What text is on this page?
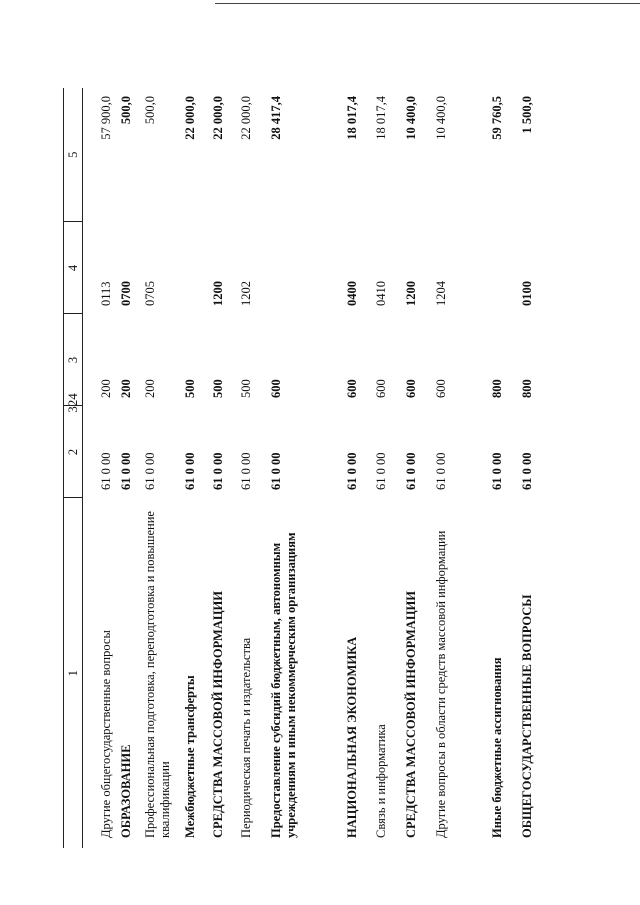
324
1	2	3	4	5
Другие общегосударственные вопросы	61 0 00	200	0113	57 900,0
ОБРАЗОВАНИЕ	61 0 00	200	0700	500,0
Профессиональная подготовка, переподготовка и повышение квалификации	61 0 00	200	0705	500,0
Межбюджетные трансферты	61 0 00	500		22 000,0
СРЕДСТВА МАССОВОЙ ИНФОРМАЦИИ	61 0 00	500	1200	22 000,0
Периодическая печать и издательства	61 0 00	500	1202	22 000,0
Предоставление субсидий бюджетным, автономным учреждениям и иным некоммерческим организациям	61 0 00	600		28 417,4
НАЦИОНАЛЬНАЯ ЭКОНОМИКА	61 0 00	600	0400	18 017,4
Связь и информатика	61 0 00	600	0410	18 017,4
СРЕДСТВА МАССОВОЙ ИНФОРМАЦИИ	61 0 00	600	1200	10 400,0
Другие вопросы в области средств массовой информации	61 0 00	600	1204	10 400,0
Иные бюджетные ассигнования	61 0 00	800		59 760,5
ОБЩЕГОСУДАРСТВЕННЫЕ ВОПРОСЫ	61 0 00	800	0100	1 500,0
